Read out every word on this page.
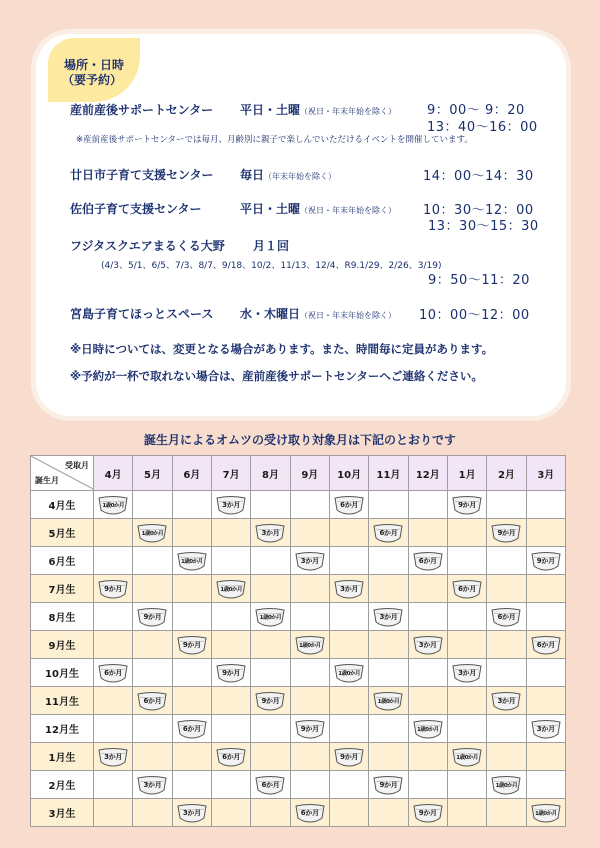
場所・日時
（要予約）
産前産後サポートセンター 平日・土曜（祝日・年末年始を除く） 9：00～ 9：20
13：40～16：00
※産前産後サポートセンターでは毎月、月齢別に親子で楽しんでいただけるイベントを開催しています。
廿日市子育て支援センター 毎日（年末年始を除く）	14：00～14：30
佐伯子育て支援センター	平日・土曜（祝日・年末年始を除く） 10：30～12：00
13：30～15：30
フジタスクエアまるくる大野 月１回
(4/3、5/1、6/5、7/3、8/7、9/18、10/2、11/13、12/4、R9.1/29、2/26、3/19)
9：50～11：20
宮島子育てほっとスペース 水・木曜日（祝日・年末年始を除く） 10：00～12：00
※日時については、変更となる場合があります。また、時間毎に定員があります。
※予約が一杯で取れない場合は、産前産後サポートセンターへご連絡ください。
誕生月によるオムツの受け取り対象月は下記のとおりです
受取月
誕生月	4月	5月	6月	7月	8月	9月	10月	11月	12月	1月	2月	3月
4月生	1歳0か月			3か月			6か月			9か月		

5月生		1歳0か月			3か月			6か月			9か月	

6月生			1歳0か月			3か月			6か月			9か月

7月生	9か月			1歳0か月			3か月			6か月		

8月生		9か月			1歳0か月			3か月			6か月	

9月生			9か月			1歳0か月			3か月			6か月

10月生	6か月			9か月			1歳0か月			3か月		

11月生		6か月			9か月			1歳0か月			3か月	

12月生			6か月			9か月			1歳0か月			3か月

1月生	3か月			6か月			9か月			1歳0か月		

2月生		3か月			6か月			9か月			1歳0か月	

3月生			3か月			6か月			9か月			1歳0か月
